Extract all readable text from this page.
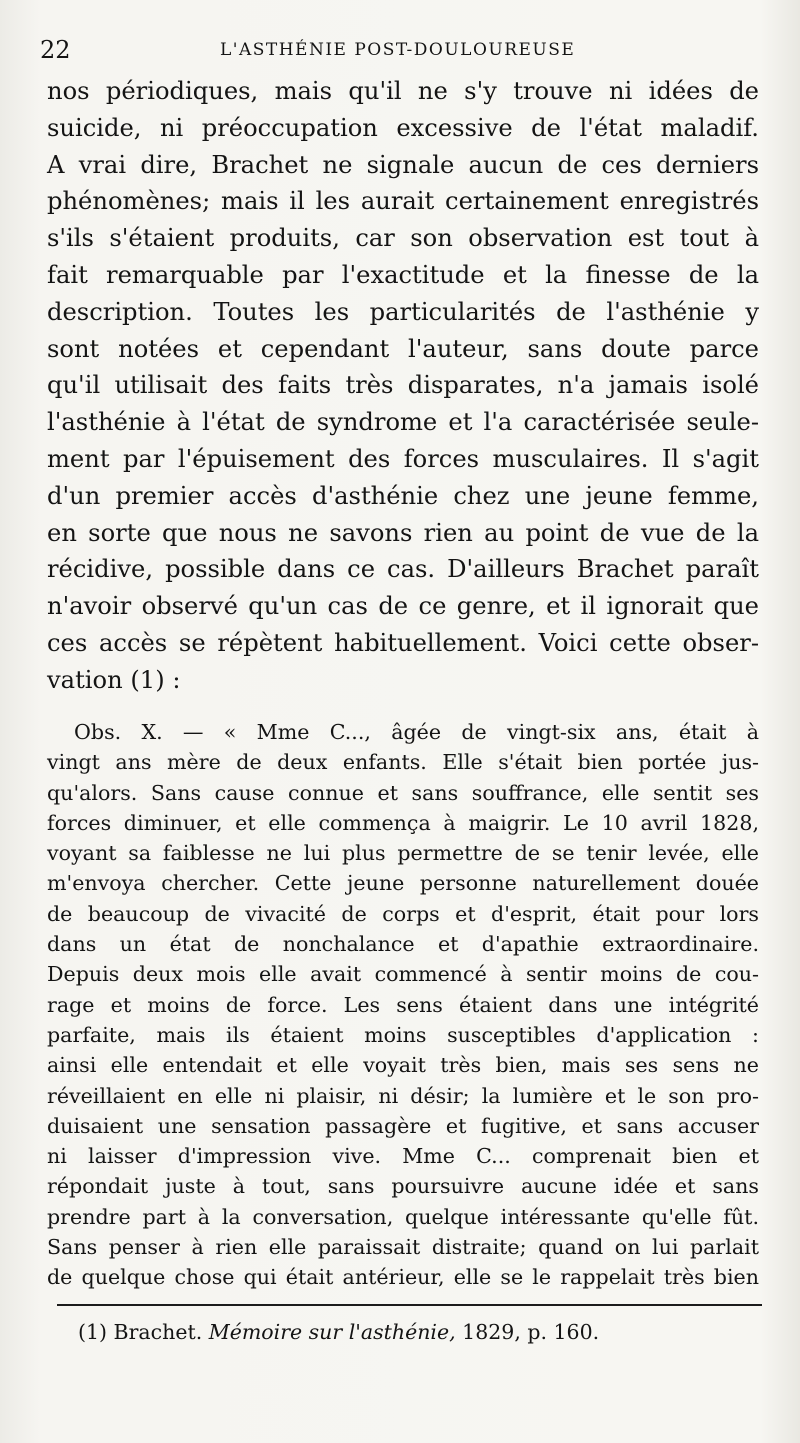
22	L'ASTHÉNIE POST-DOULOUREUSE
nos périodiques, mais qu'il ne s'y trouve ni idées de
suicide, ni préoccupation excessive de l'état maladif.
A vrai dire, Brachet ne signale aucun de ces derniers
phénomènes; mais il les aurait certainement enregistrés
s'ils s'étaient produits, car son observation est tout à
fait remarquable par l'exactitude et la finesse de la
description. Toutes les particularités de l'asthénie y
sont notées et cependant l'auteur, sans doute parce
qu'il utilisait des faits très disparates, n'a jamais isolé
l'asthénie à l'état de syndrome et l'a caractérisée seule-
ment par l'épuisement des forces musculaires. Il s'agit
d'un premier accès d'asthénie chez une jeune femme,
en sorte que nous ne savons rien au point de vue de la
récidive, possible dans ce cas. D'ailleurs Brachet paraît
n'avoir observé qu'un cas de ce genre, et il ignorait que
ces accès se répètent habituellement. Voici cette obser-
vation (1) :
Obs. X. — « Mme C..., âgée de vingt-six ans, était à
vingt ans mère de deux enfants. Elle s'était bien portée jus-
qu'alors. Sans cause connue et sans souffrance, elle sentit ses
forces diminuer, et elle commença à maigrir. Le 10 avril 1828,
voyant sa faiblesse ne lui plus permettre de se tenir levée, elle
m'envoya chercher. Cette jeune personne naturellement douée
de beaucoup de vivacité de corps et d'esprit, était pour lors
dans un état de nonchalance et d'apathie extraordinaire.
Depuis deux mois elle avait commencé à sentir moins de cou-
rage et moins de force. Les sens étaient dans une intégrité
parfaite, mais ils étaient moins susceptibles d'application :
ainsi elle entendait et elle voyait très bien, mais ses sens ne
réveillaient en elle ni plaisir, ni désir; la lumière et le son pro-
duisaient une sensation passagère et fugitive, et sans accuser
ni laisser d'impression vive. Mme C... comprenait bien et
répondait juste à tout, sans poursuivre aucune idée et sans
prendre part à la conversation, quelque intéressante qu'elle fût.
Sans penser à rien elle paraissait distraite; quand on lui parlait
de quelque chose qui était antérieur, elle se le rappelait très bien
(1) Brachet. Mémoire sur l'asthénie, 1829, p. 160.
